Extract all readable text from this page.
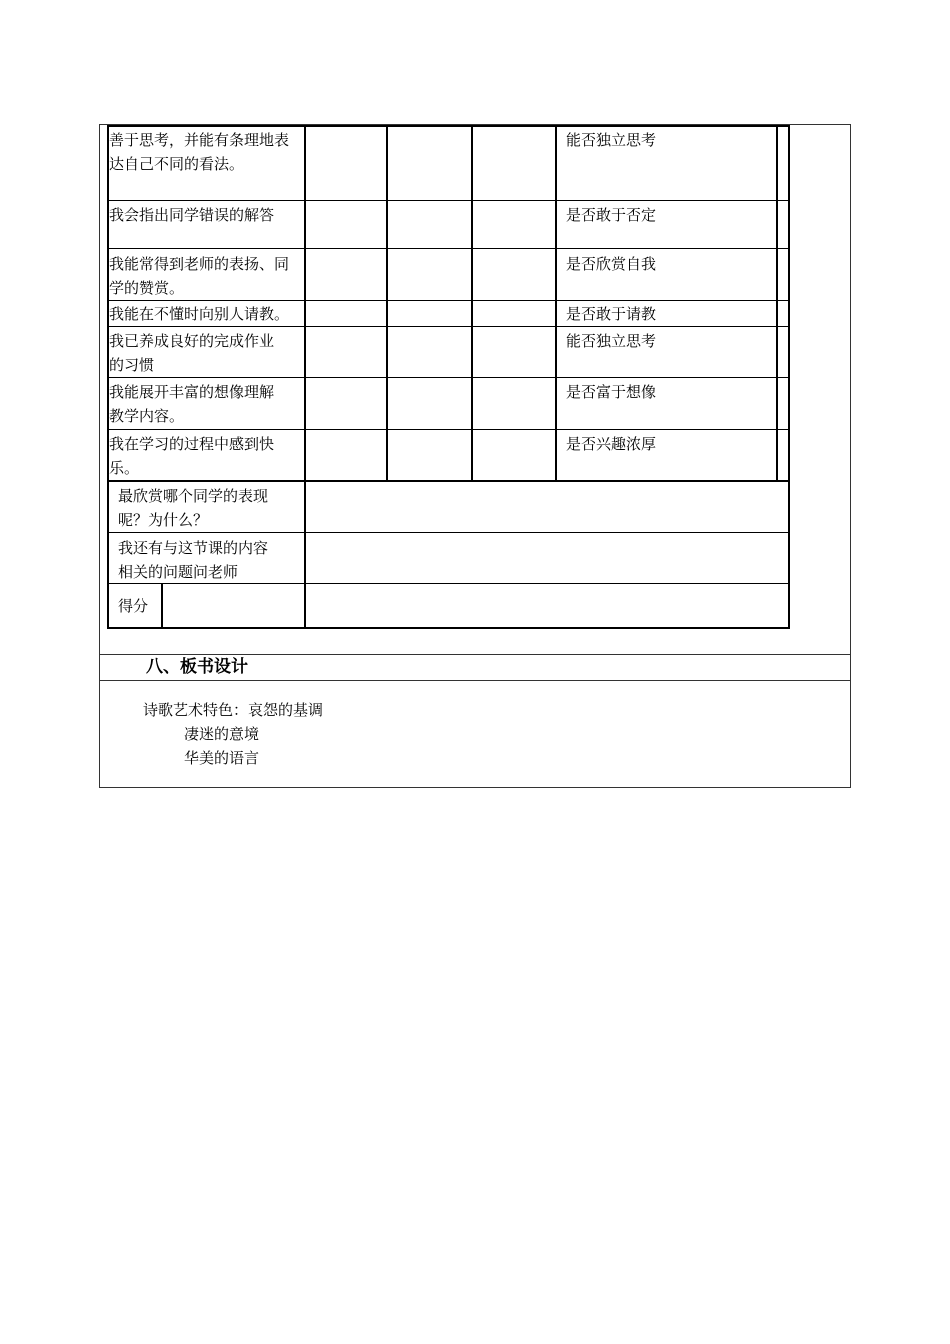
善于思考，并能有条理地表
达自己不同的看法。
能否独立思考
我会指出同学错误的解答	是否敢于否定
我能常得到老师的表扬、同
学的赞赏。
是否欣赏自我
我能在不懂时向别人请教。	是否敢于请教
我已养成良好的完成作业
的习惯
能否独立思考
我能展开丰富的想像理解
教学内容。
是否富于想像
我在学习的过程中感到快
乐。
是否兴趣浓厚
最欣赏哪个同学的表现
呢？为什么？
我还有与这节课的内容
相关的问题问老师
得分
八、板书设计
诗歌艺术特色：哀怨的基调
凄迷的意境
华美的语言
